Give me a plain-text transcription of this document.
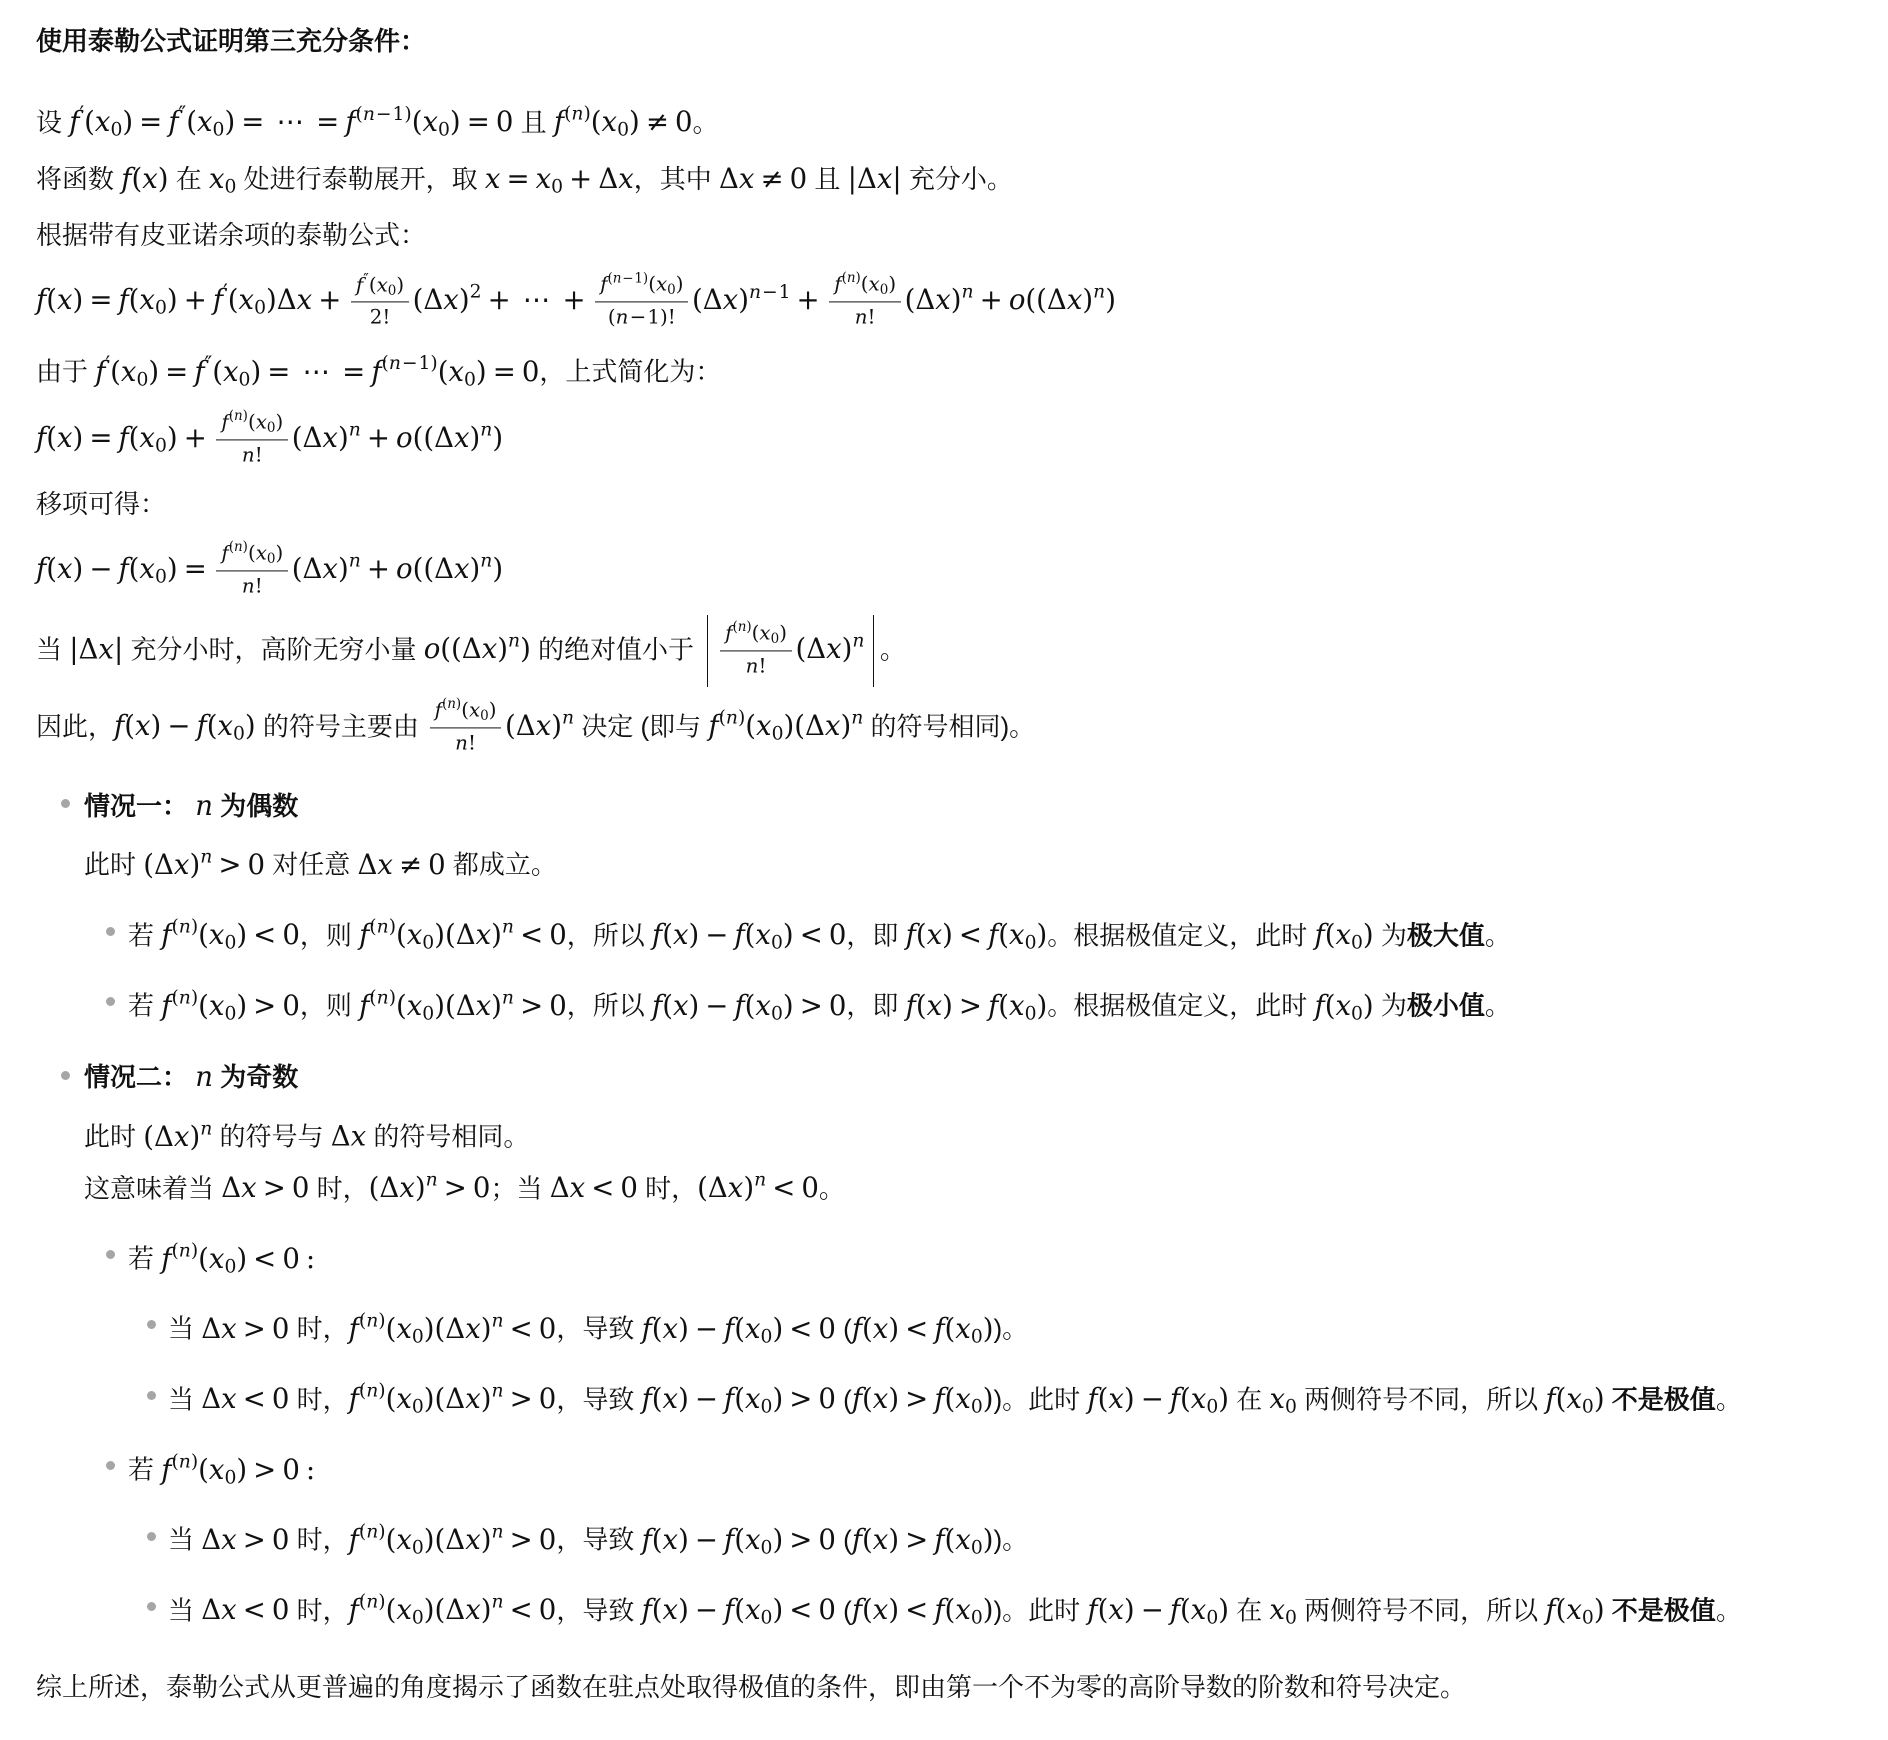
使用泰勒公式证明第三充分条件：
设 f′(x0) = f″(x0) = ⋯ = $f^{(n-1)}(x0) = 0$ 且 $f^{(n)}(x0) \ne 0$。
将函数 f(x) 在 x0 处进行泰勒展开，取 x = x0 + Δx，其中 Δx ≠ 0 且 |Δx| 充分小。
根据带有皮亚诺余项的泰勒公式：
$f(x) = f(x0) + f'(x0)\Delta x + \frac{f''(x0)}{2!} (\Delta x)^2$ + ⋯ + $\frac{f^{(n-1)}(x0)}{(n-1)!} (\Delta x)^{n-1} + \frac{f^{(n)}(x0)}{n!} (\Delta x)^n + o((\Delta x)^n)$
由于 f′(x0) = f″(x0) = ⋯ = $f^{(n-1)}(x0) = 0$，上式简化为：
$f(x) = f(x0) + \frac{f^{(n)}(x0)}{n!} (\Delta x)^n + o((\Delta x)^n)$
移项可得：
$f(x) - f(x0) = \frac{f^{(n)}(x0)}{n!} (\Delta x)^n + o((\Delta x)^n)$
当 |Δx| 充分小时，高阶无穷小量 $o((\Delta x)^n)$ 的绝对值小于 $\frac{f^{(n)}(x0)}{n!} (\Delta x)^n$ 。
因此，f(x) − f(x0) 的符号主要由 $\frac{f^{(n)}(x0)}{n!} (\Delta x)^n$ 决定 (即与 $f^{(n)}(x0)(\Delta x)^n$ 的符号相同)。
情况一： n 为偶数
此时 $(\Delta x)^n > 0$ 对任意 Δx ≠ 0 都成立。
若 $f^{(n)}(x0) < 0$，则 $f^{(n)}(x0)(\Delta x)^n < 0$，所以 f(x) − f(x0) < 0，即 f(x) < f(x0)。根据极值定义，此时 f(x0) 为极大值。
若 $f^{(n)}(x0) > 0$，则 $f^{(n)}(x0)(\Delta x)^n > 0$，所以 f(x) − f(x0) > 0，即 f(x) > f(x0)。根据极值定义，此时 f(x0) 为极小值。
情况二： n 为奇数
此时 $(\Delta x)^n$ 的符号与 Δx 的符号相同。
这意味着当 Δx > 0 时，$(\Delta x)^n > 0$；当 Δx < 0 时，$(\Delta x)^n < 0$。
若 $f^{(n)}(x0) < 0$ :
当 Δx > 0 时，$f^{(n)}(x0)(\Delta x)^n < 0$，导致 f(x) − f(x0) < 0 (f(x) < f(x0))。
当 Δx < 0 时，$f^{(n)}(x0)(\Delta x)^n > 0$，导致 f(x) − f(x0) > 0 (f(x) > f(x0))。此时 f(x) − f(x0) 在 x0 两侧符号不同，所以 f(x0) 不是极值。
若 $f^{(n)}(x0) > 0$ :
当 Δx > 0 时，$f^{(n)}(x0)(\Delta x)^n > 0$，导致 f(x) − f(x0) > 0 (f(x) > f(x0))。
当 Δx < 0 时，$f^{(n)}(x0)(\Delta x)^n < 0$，导致 f(x) − f(x0) < 0 (f(x) < f(x0))。此时 f(x) − f(x0) 在 x0 两侧符号不同，所以 f(x0) 不是极值。
综上所述，泰勒公式从更普遍的角度揭示了函数在驻点处取得极值的条件，即由第一个不为零的高阶导数的阶数和符号决定。
